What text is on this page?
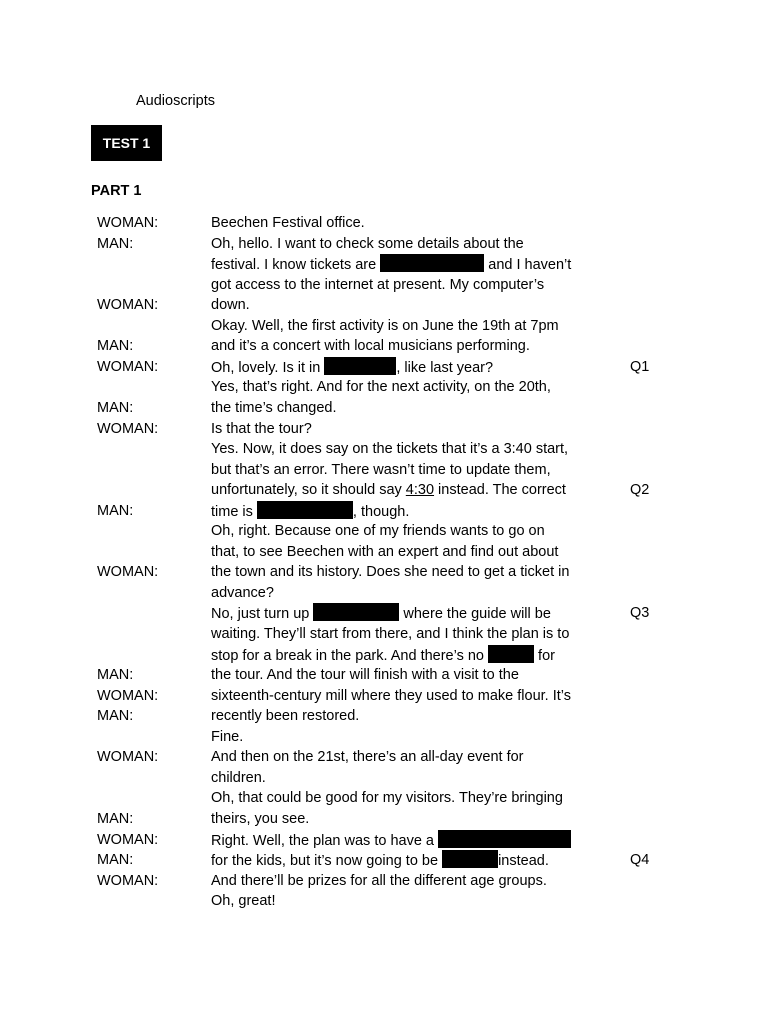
Audioscripts
TEST 1
PART 1
WOMAN:	Beechen Festival office.
MAN:	Oh, hello. I want to check some details about the
festival. I know tickets are	and I haven’t
got access to the internet at present. My computer’s
WOMAN:	down.
Okay. Well, the first activity is on June the 19th at 7pm
MAN:	and it’s a concert with local musicians performing.
WOMAN:	Oh, lovely. Is it in	, like last year?	Q1
Yes, that’s right. And for the next activity, on the 20th,
MAN:	the time’s changed.
WOMAN:	Is that the tour?
Yes. Now, it does say on the tickets that it’s a 3:40 start,
but that’s an error. There wasn’t time to update them,
unfortunately, so it should say 4:30 instead. The correct	Q2
MAN:	time is	, though.
Oh, right. Because one of my friends wants to go on
that, to see Beechen with an expert and find out about
WOMAN:	the town and its history. Does she need to get a ticket in
advance?
No, just turn up	where the guide will be	Q3
waiting. They’ll start from there, and I think the plan is to
stop for a break in the park. And there’s no	for
MAN:	the tour. And the tour will finish with a visit to the
WOMAN:	sixteenth-century mill where they used to make flour. It’s
MAN:	recently been restored.
Fine.
WOMAN:	And then on the 21st, there’s an all-day event for
children.
Oh, that could be good for my visitors. They’re bringing
MAN:	theirs, you see.
WOMAN:	Right. Well, the plan was to have a
MAN:	for the kids, but it’s now going to be	instead.	Q4
WOMAN:	And there’ll be prizes for all the different age groups.
Oh, great!
